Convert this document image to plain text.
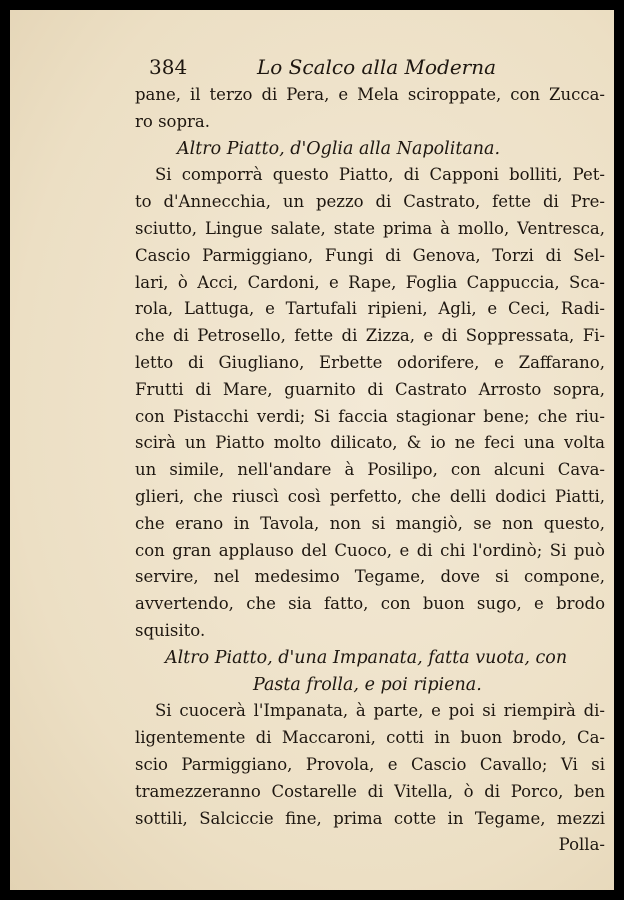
384	Lo Scalco alla Moderna
pane, il terzo di Pera, e Mela sciroppate, con Zucca-
ro sopra.
Altro Piatto, d'Oglia alla Napolitana.
Si comporrà questo Piatto, di Capponi bolliti, Pet-
to d'Annecchia, un pezzo di Castrato, fette di Pre-
sciutto, Lingue salate, state prima à mollo, Ventresca,
Cascio Parmiggiano, Fungi di Genova, Torzi di Sel-
lari, ò Acci, Cardoni, e Rape, Foglia Cappuccia, Sca-
rola, Lattuga, e Tartufali ripieni, Agli, e Ceci, Radi-
che di Petrosello, fette di Zizza, e di Soppressata, Fi-
letto di Giugliano, Erbette odorifere, e Zaffarano,
Frutti di Mare, guarnito di Castrato Arrosto sopra,
con Pistacchi verdi; Si faccia stagionar bene; che riu-
scirà un Piatto molto dilicato, & io ne feci una volta
un simile, nell'andare à Posilipo, con alcuni Cava-
glieri, che riuscì così perfetto, che delli dodici Piatti,
che erano in Tavola, non si mangiò, se non questo,
con gran applauso del Cuoco, e di chi l'ordinò; Si può
servire, nel medesimo Tegame, dove si compone,
avvertendo, che sia fatto, con buon sugo, e brodo
squisito.
Altro Piatto, d'una Impanata, fatta vuota, con
Pasta frolla, e poi ripiena.
Si cuocerà l'Impanata, à parte, e poi si riempirà di-
ligentemente di Maccaroni, cotti in buon brodo, Ca-
scio Parmiggiano, Provola, e Cascio Cavallo; Vi si
tramezzeranno Costarelle di Vitella, ò di Porco, ben
sottili, Salciccie fine, prima cotte in Tegame, mezzi
Polla-
